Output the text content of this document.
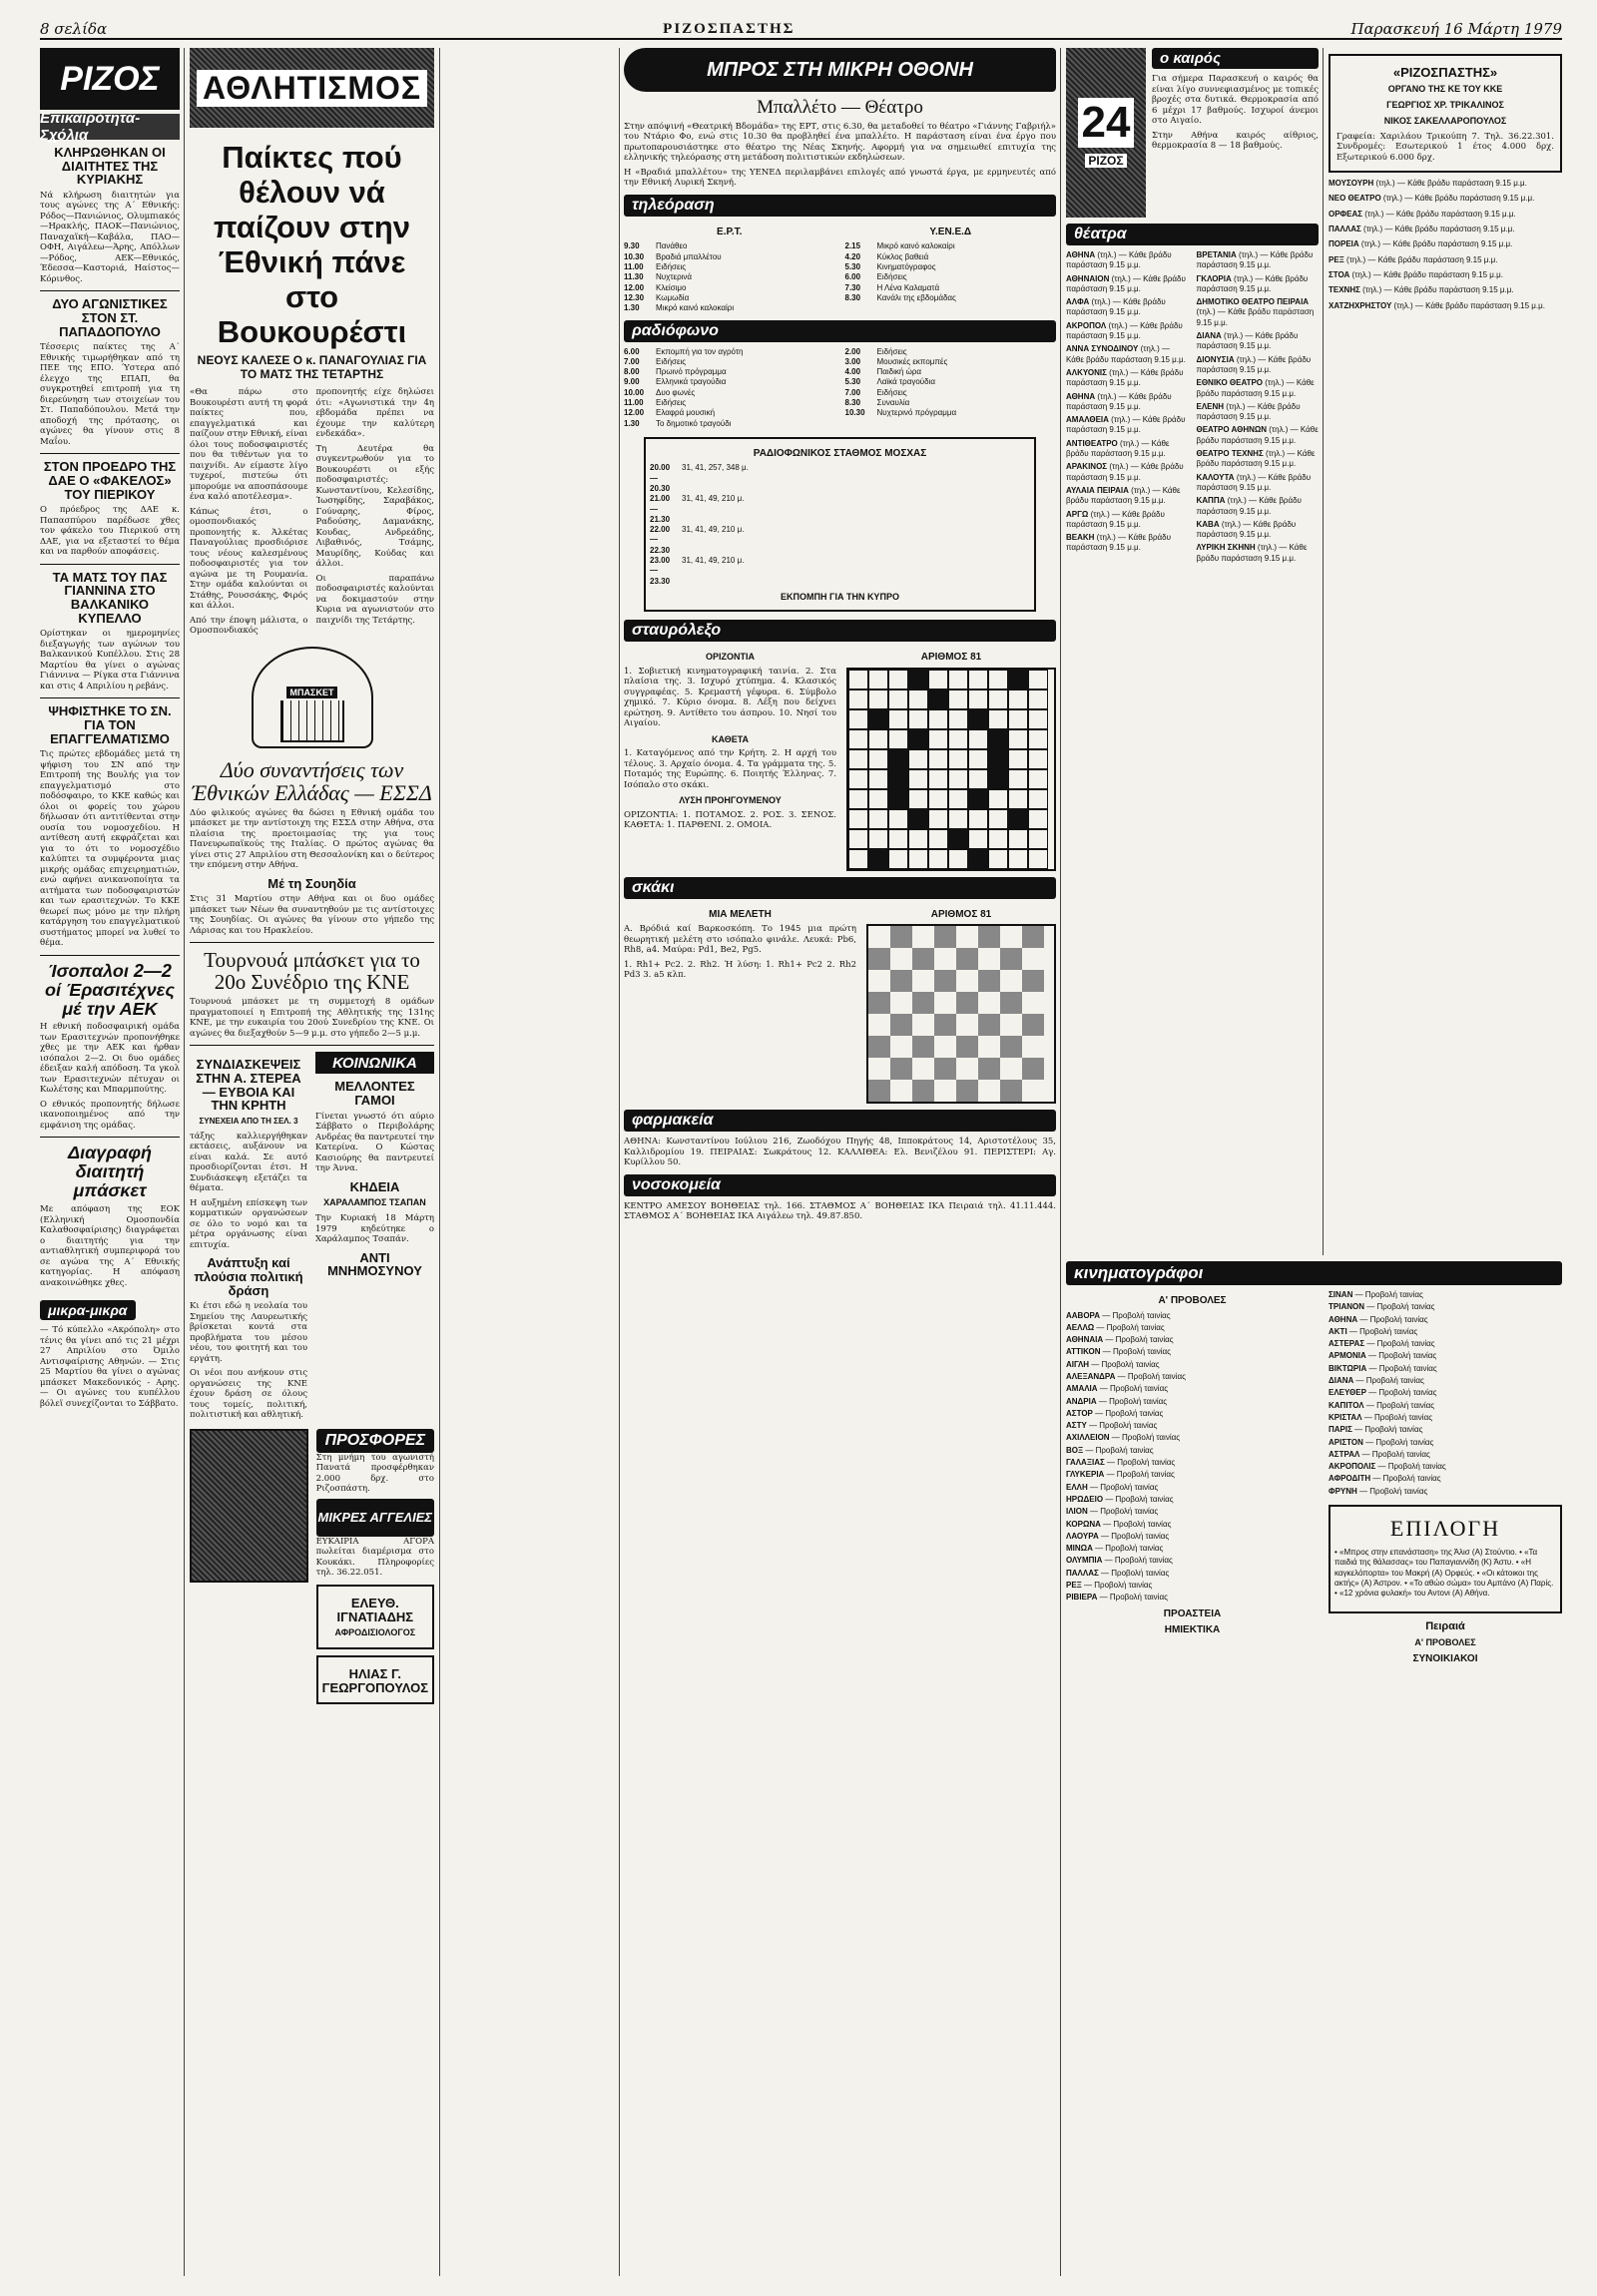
8 σελίδα	ΡΙΖΟΣΠΑΣΤΗΣ	Παρασκευή 16 Μάρτη 1979
ΡΙΖΟΣ
Επικαιρότητα-Σχόλια
ΚΛΗΡΩΘΗΚΑΝ ΟΙ ΔΙΑΙΤΗΤΕΣ ΤΗΣ ΚΥΡΙΑΚΗΣ

Νά κλήρωση διαιτητών για τους αγώνες της Α΄ Εθνικής: Ρόδος—Πανιώνιος, Ολυμπιακός—Ηρακλής, ΠΑΟΚ—Πανιώνιος, Παναχαϊκή—Καβάλα, ΠΑΟ—ΟΦΗ, Αιγάλεω—Άρης, Απόλλων—Ρόδος, ΑΕΚ—Εθνικός, Έδεσσα—Καστοριά, Ηαίστος—Κόρινθος.

ΔΥΟ ΑΓΩΝΙΣΤΙΚΕΣ ΣΤΟΝ ΣΤ. ΠΑΠΑΔΟΠΟΥΛΟ

Τέσσερις παίκτες της Α΄ Εθνικής τιμωρήθηκαν από τη ΠΕΕ της ΕΠΟ. Ύστερα από έλεγχο της ΕΠΑΠ, θα συγκροτηθεί επιτροπή για τη διερεύνηση των στοιχείων του Στ. Παπαδόπουλου. Μετά την αποδοχή της πρότασης, οι αγώνες θα γίνουν στις 8 Μαΐου.

ΣΤΟΝ ΠΡΟΕΔΡΟ ΤΗΣ ΔΑΕ Ο «ΦΑΚΕΛΟΣ» ΤΟΥ ΠΙΕΡΙΚΟΥ

Ο πρόεδρος της ΔΑΕ κ. Παπασπύρου παρέδωσε χθες τον φάκελο του Πιερικού στη ΔΑΕ, για να εξεταστεί το θέμα και να παρθούν αποφάσεις.

ΤΑ ΜΑΤΣ ΤΟΥ ΠΑΣ ΓΙΑΝΝΙΝΑ ΣΤΟ ΒΑΛΚΑΝΙΚΟ ΚΥΠΕΛΛΟ

Ορίστηκαν οι ημερομηνίες διεξαγωγής των αγώνων του Βαλκανικού Κυπέλλου. Στις 28 Μαρτίου θα γίνει ο αγώνας Γιάννινα — Ρίγκα στα Γιάννινα και στις 4 Απριλίου η ρεβάνς.

ΨΗΦΙΣΤΗΚΕ ΤΟ ΣΝ. ΓΙΑ ΤΟΝ ΕΠΑΓΓΕΛΜΑΤΙΣΜΟ

Τις πρώτες εβδομάδες μετά τη ψήφιση του ΣΝ από την Επιτροπή της Βουλής για τον επαγγελματισμό στο ποδόσφαιρο, το ΚΚΕ καθώς και όλοι οι φορείς του χώρου δήλωσαν ότι αντιτίθενται στην ουσία του νομοσχεδίου. Η αντίθεση αυτή εκφράζεται και για το ότι το νομοσχέδιο καλύπτει τα συμφέροντα μιας μικρής ομάδας επιχειρηματιών, ενώ αφήνει ανικανοποίητα τα αιτήματα των ποδοσφαιριστών και των ερασιτεχνών. Το ΚΚΕ θεωρεί πως μόνο με την πλήρη κατάργηση του επαγγελματικού συστήματος μπορεί να λυθεί το θέμα.

Ίσοπαλοι 2—2 οί Έρασιτέχνες μέ την ΑΕΚ

Η εθνική ποδοσφαιρική ομάδα των Ερασιτεχνών προπονήθηκε χθες με την ΑΕΚ και ήρθαν ισόπαλοι 2—2. Οι δυο ομάδες έδειξαν καλή απόδοση. Τα γκολ των Ερασιτεχνών πέτυχαν οι Κωλέτσης και Μπαρμπούτης.

Ο εθνικός προπονητής δήλωσε ικανοποιημένος από την εμφάνιση της ομάδας.

Διαγραφή διαιτητή μπάσκετ

Με απόφαση της ΕΟΚ (Ελληνική Ομοσπονδία Καλαθοσφαίρισης) διαγράφεται ο διαιτητής για την αντιαθλητική συμπεριφορά του σε αγώνα της Α΄ Εθνικής κατηγορίας. Η απόφαση ανακοινώθηκε χθες.

μικρα-μικρα

— Τό κύπελλο «Ακρόπολη» στο τένις θα γίνει από τις 21 μέχρι 27 Απριλίου στο Όμιλο Αντισφαίρισης Αθηνών. — Στις 25 Μαρτίου θα γίνει ο αγώνας μπάσκετ Μακεδονικός - Αρης. — Οι αγώνες του κυπέλλου βόλεϊ συνεχίζονται το Σάββατο.

ΑΘΛΗΤΙΣΜΟΣ
Παίκτες πού θέλουν νά παίζουν στην Έθνική πάνε στο Βουκουρέστι
ΝΕΟΥΣ ΚΑΛΕΣΕ Ο κ. ΠΑΝΑΓΟΥΛΙΑΣ ΓΙΑ ΤΟ ΜΑΤΣ ΤΗΣ ΤΕΤΑΡΤΗΣ

«Θα πάρω στο Βουκουρέστι αυτή τη φορά παίκτες που, επαγγελματικά και παίζουν στην Εθνική, είναι όλοι τους ποδοσφαιριστές που θα τιθέντων για το παιχνίδι. Αν είμαστε λίγο τυχεροί, πιστεύω ότι μπορούμε να αποσπάσουμε ένα καλό αποτέλεσμα».

Κάπως έτσι, ο ομοσπονδιακός προπονητής κ. Άλκέτας Παναγούλιας προσδιόρισε τους νέους καλεσμένους ποδοσφαιριστές για τον αγώνα με τη Ρουμανία. Στην ομάδα καλούνται οι Στάθης, Ρουσσάκης, Φιρός και άλλοι.

Από την έποψη μάλιστα, ο Ομοσπονδιακός προπονητής είχε δηλώσει ότι: «Αγωνιστικά την 4η εβδομάδα πρέπει να έχουμε την καλύτερη ενδεκάδα».

Τη Δευτέρα θα συγκεντρωθούν για το Βουκουρέστι οι εξής ποδοσφαιριστές: Κωνσταντίνου, Κελεσίδης, Ίωσηφίδης, Σαραβάκος, Γούναρης, Φίρος, Ραδούσης, Δαμανάκης, Κουδας, Ανδρεάδης, Λιβαθινός, Τσάμης, Μαυρίδης, Κούδας και άλλοι.

Οι παραπάνω ποδοσφαιριστές καλούνται να δοκιμαστούν στην Κυρια να αγωνιστούν στο παιχνίδι της Τετάρτης.

ΜΠΑΣΚΕΤ
Δύο συναντήσεις των Έθνικών Ελλάδας — ΕΣΣΔ

Δύο φιλικούς αγώνες θα δώσει η Εθνική ομάδα του μπάσκετ με την αντίστοιχη της ΕΣΣΔ στην Αθήνα, στα πλαίσια της προετοιμασίας της για τους Πανευρωπαϊκούς της Ιταλίας. Ο πρώτος αγώνας θα γίνει στις 27 Απριλίου στη Θεσσαλονίκη και ο δεύτερος την επόμενη στην Αθήνα.

Μέ τη Σουηδία

Στις 31 Μαρτίου στην Αθήνα και οι δυο ομάδες μπάσκετ των Νέων θα συναντηθούν με τις αντίστοιχες της Σουηδίας. Οι αγώνες θα γίνουν στο γήπεδο της Λάρισας και του Ηρακλείου.

Τουρνουά μπάσκετ για το 20ο Συνέδριο της ΚΝΕ

Τουρνουά μπάσκετ με τη συμμετοχή 8 ομάδων πραγματοποιεί η Επιτροπή της Αθλητικής της 131ης ΚΝΕ, με την ευκαιρία του 20ού Συνεδρίου της ΚΝΕ. Οι αγώνες θα διεξαχθούν 5—9 μ.μ. στο γήπεδο 2—5 μ.μ.

ΣΥΝΔΙΑΣΚΕΨΕΙΣ ΣΤΗΝ Α. ΣΤΕΡΕΑ — ΕΥΒΟΙΑ ΚΑΙ ΤΗΝ ΚΡΗΤΗ
ΣΥΝΕΧΕΙΑ ΑΠΟ ΤΗ ΣΕΛ. 3

τάξης καλλιεργήθηκαν εκτάσεις, αυξάνουν να είναι καλά. Σε αυτό προσδιορίζονται έτσι. Η Συνδιάσκεψη εξετάζει τα θέματα.

Η αυξημένη επίσκεψη των κομματικών οργανώσεων σε όλο το νομό και τα μέτρα οργάνωσης είναι επιτυχία.

Ανάπτυξη καί πλούσια πολιτική δράση

Κι έτσι εδώ η νεολαία του Σημείου της Λαυρεωτικής βρίσκεται κοντά στα προβλήματα του μέσου νέου, του φοιτητή και του εργάτη.

Οι νέοι που ανήκουν στις οργανώσεις της ΚΝΕ έχουν δράση σε όλους τους τομείς, πολιτική, πολιτιστική και αθλητική.

ΚΟΙΝΩΝΙΚΑ
ΜΕΛΛΟΝΤΕΣ ΓΑΜΟΙ

Γίνεται γνωστό ότι αύριο Σάββατο ο Περιβολάρης Ανδρέας θα παντρευτεί την Κατερίνα. Ο Κώστας Κασιούρης θα παντρευτεί την Άννα.

ΚΗΔΕΙΑ
ΧΑΡΑΛΑΜΠΟΣ ΤΣΑΠΑΝ

Την Κυριακή 18 Μάρτη 1979 κηδεύτηκε ο Χαράλαμπος Τσαπάν.

ΑΝΤΙ ΜΝΗΜΟΣΥΝΟΥ
ΠΡΟΣΦΟΡΕΣ

Στη μνήμη του αγωνιστή Πανατά προσφέρθηκαν 2.000 δρχ. στο Ριζοσπάστη.

ΜΙΚΡΕΣ ΑΓΓΕΛΙΕΣ

ΕΥΚΑΙΡΙΑ ΑΓΟΡΑ πωλείται διαμέρισμα στο Κουκάκι. Πληροφορίες τηλ. 36.22.051.

ΕΛΕΥΘ. ΙΓΝΑΤΙΑΔΗΣ
ΑΦΡΟΔΙΣΙΟΛΟΓΟΣ
ΗΛΙΑΣ Γ. ΓΕΩΡΓΟΠΟΥΛΟΣ
ΜΠΡΟΣ ΣΤΗ ΜΙΚΡΗ ΟΘΟΝΗ
Μπαλλέτο — Θέατρο

Στην απόψινή «Θεατρική Βδομάδα» της ΕΡΤ, στις 6.30, θα μεταδοθεί το θέατρο «Γιάννης Γαβριήλ» του Ντάριο Φο, ενώ στις 10.30 θα προβληθεί ένα μπαλλέτο. Η παράσταση είναι ένα έργο που πρωτοπαρουσιάστηκε στο θέατρο της Νέας Σκηνής. Αφορμή για να σημειωθεί επιτυχία της ελληνικής τηλεόρασης στη μετάδοση πολιτιστικών εκδηλώσεων.

Η «Βραδιά μπαλλέτου» της ΥΕΝΕΔ περιλαμβάνει επιλογές από γνωστά έργα, με ερμηνευτές από την Εθνική Λυρική Σκηνή.

τηλεόραση
Ε.Ρ.Τ.
9.30	Πανάθεο
10.30	Βραδιά μπαλλέτου
11.00	Ειδήσεις
11.30	Νυχτερινά
12.00	Κλείσιμο
12.30	Κωμωδία
1.30	Μικρό καινό καλοκαίρι
Υ.ΕΝ.Ε.Δ
2.15	Μικρό καινό καλοκαίρι
4.20	Κύκλος βαθειά
5.30	Κινηματόγραφος
6.00	Ειδήσεις
7.30	Η Λένα Καλαματά
8.30	Κανάλι της εβδομάδας
ραδιόφωνο
6.00	Εκπομπή για τον αγρότη
7.00	Ειδήσεις
8.00	Πρωινό πρόγραμμα
9.00	Ελληνικά τραγούδια
10.00	Δυο φωνές
11.00	Ειδήσεις
12.00	Ελαφρά μουσική
1.30	Το δημοτικό τραγούδι
2.00	Ειδήσεις
3.00	Μουσικές εκπομπές
4.00	Παιδική ώρα
5.30	Λαϊκά τραγούδια
7.00	Ειδήσεις
8.30	Συναυλία
10.30	Νυχτερινό πρόγραμμα
ΡΑΔΙΟΦΩΝΙΚΟΣ ΣΤΑΘΜΟΣ ΜΟΣΧΑΣ
20.00 — 20.30
31, 41, 257, 348 μ.
21.00 — 21.30
31, 41, 49, 210 μ.
22.00 — 22.30
31, 41, 49, 210 μ.
23.00 — 23.30
31, 41, 49, 210 μ.
ΕΚΠΟΜΠΗ ΓΙΑ ΤΗΝ ΚΥΠΡΟ
σταυρόλεξο
ΟΡΙΖΟΝΤΙΑ

1. Σοβιετική κινηματογραφική ταινία. 2. Στα πλαίσια της. 3. Ισχυρό χτύπημα. 4. Κλασικός συγγραφέας. 5. Κρεμαστή γέφυρα. 6. Σύμβολο χημικό. 7. Κύριο όνομα. 8. Λέξη που δείχνει ερώτηση. 9. Αντίθετο του άσπρου. 10. Νησί του Αιγαίου.

ΚΑΘΕΤΑ

1. Καταγόμενος από την Κρήτη. 2. Η αρχή του τέλους. 3. Αρχαίο όνομα. 4. Τα γράμματα της. 5. Ποταμός της Ευρώπης. 6. Ποιητής Έλληνας. 7. Ισόπαλο στο σκάκι.

ΛΥΣΗ ΠΡΟΗΓΟΥΜΕΝΟΥ

ΟΡΙΖΟΝΤΙΑ: 1. ΠΟΤΑΜΟΣ. 2. ΡΟΣ. 3. ΣΕΝΟΣ. ΚΑΘΕΤΑ: 1. ΠΑΡΘΕΝΙ. 2. ΟΜΟΙΑ.

ΑΡΙΘΜΟΣ 81
σκάκι
ΜΙΑ ΜΕΛΕΤΗ

Α. Βρόδιά καί Βαρκοσκόπη. Το 1945 μια πρώτη θεωρητική μελέτη στο ισόπαλο φινάλε. Λευκά: Ρb6, Rh8, a4. Μαύρα: Ρd1, Βe2, Ρg5.

1. Rh1+ Pc2. 2. Rh2. Ή λύση: 1. Rh1+ Pc2 2. Rh2 Pd3 3. a5 κλπ.

ΑΡΙΘΜΟΣ 81
φαρμακεία

ΑΘΗΝΑ: Κωνσταντίνου Ιούλιου 216, Ζωοδόχου Πηγής 48, Ιπποκράτους 14, Αριστοτέλους 35, Καλλιδρομίου 19. ΠΕΙΡΑΙΑΣ: Σωκράτους 12. ΚΑΛΛΙΘΕΑ: Ελ. Βενιζέλου 91. ΠΕΡΙΣΤΕΡΙ: Αγ. Κυρίλλου 50.

νοσοκομεία

ΚΕΝΤΡΟ ΑΜΕΣΟΥ ΒΟΗΘΕΙΑΣ τηλ. 166. ΣΤΑΘΜΟΣ Α΄ ΒΟΗΘΕΙΑΣ ΙΚΑ Πειραιά τηλ. 41.11.444. ΣΤΑΘΜΟΣ Α΄ ΒΟΗΘΕΙΑΣ ΙΚΑ Αιγάλεω τηλ. 49.87.850.

24
ΡΙΖΟΣ
ο καιρός

Για σήμερα Παρασκευή ο καιρός θα είναι λίγο συννεφιασμένος με τοπικές βροχές στα δυτικά. Θερμοκρασία από 6 μέχρι 17 βαθμούς. Ισχυροί άνεμοι στο Αιγαίο.

Στην Αθήνα καιρός αίθριος, θερμοκρασία 8 — 18 βαθμούς.

θέατρα
ΑΘΗΝΑ (τηλ.) — Κάθε βράδυ παράσταση 9.15 μ.μ.
ΑΘΗΝΑΙΟΝ (τηλ.) — Κάθε βράδυ παράσταση 9.15 μ.μ.
ΑΛΦΑ (τηλ.) — Κάθε βράδυ παράσταση 9.15 μ.μ.
ΑΚΡΟΠΟΛ (τηλ.) — Κάθε βράδυ παράσταση 9.15 μ.μ.
ΑΝΝΑ ΣΥΝΟΔΙΝΟΥ (τηλ.) — Κάθε βράδυ παράσταση 9.15 μ.μ.
ΑΛΚΥΟΝΙΣ (τηλ.) — Κάθε βράδυ παράσταση 9.15 μ.μ.
ΑΘΗΝΑ (τηλ.) — Κάθε βράδυ παράσταση 9.15 μ.μ.
ΑΜΑΛΘΕΙΑ (τηλ.) — Κάθε βράδυ παράσταση 9.15 μ.μ.
ΑΝΤΙΘΕΑΤΡΟ (τηλ.) — Κάθε βράδυ παράσταση 9.15 μ.μ.
ΑΡΑΚΙΝΟΣ (τηλ.) — Κάθε βράδυ παράσταση 9.15 μ.μ.
ΑΥΛΑΙΑ ΠΕΙΡΑΙΑ (τηλ.) — Κάθε βράδυ παράσταση 9.15 μ.μ.
ΑΡΓΩ (τηλ.) — Κάθε βράδυ παράσταση 9.15 μ.μ.
ΒΕΑΚΗ (τηλ.) — Κάθε βράδυ παράσταση 9.15 μ.μ.
ΒΡΕΤΑΝΙΑ (τηλ.) — Κάθε βράδυ παράσταση 9.15 μ.μ.
ΓΚΛΟΡΙΑ (τηλ.) — Κάθε βράδυ παράσταση 9.15 μ.μ.
ΔΗΜΟΤΙΚΟ ΘΕΑΤΡΟ ΠΕΙΡΑΙΑ (τηλ.) — Κάθε βράδυ παράσταση 9.15 μ.μ.
ΔΙΑΝΑ (τηλ.) — Κάθε βράδυ παράσταση 9.15 μ.μ.
ΔΙΟΝΥΣΙΑ (τηλ.) — Κάθε βράδυ παράσταση 9.15 μ.μ.
ΕΘΝΙΚΟ ΘΕΑΤΡΟ (τηλ.) — Κάθε βράδυ παράσταση 9.15 μ.μ.
ΕΛΕΝΗ (τηλ.) — Κάθε βράδυ παράσταση 9.15 μ.μ.
ΘΕΑΤΡΟ ΑΘΗΝΩΝ (τηλ.) — Κάθε βράδυ παράσταση 9.15 μ.μ.
ΘΕΑΤΡΟ ΤΕΧΝΗΣ (τηλ.) — Κάθε βράδυ παράσταση 9.15 μ.μ.
ΚΑΛΟΥΤΑ (τηλ.) — Κάθε βράδυ παράσταση 9.15 μ.μ.
ΚΑΠΠΑ (τηλ.) — Κάθε βράδυ παράσταση 9.15 μ.μ.
ΚΑΒΑ (τηλ.) — Κάθε βράδυ παράσταση 9.15 μ.μ.
ΛΥΡΙΚΗ ΣΚΗΝΗ (τηλ.) — Κάθε βράδυ παράσταση 9.15 μ.μ.
«ΡΙΖΟΣΠΑΣΤΗΣ»
ΟΡΓΑΝΟ ΤΗΣ ΚΕ ΤΟΥ ΚΚΕ
ΓΕΩΡΓΙΟΣ ΧΡ. ΤΡΙΚΑΛΙΝΟΣ
ΝΙΚΟΣ ΣΑΚΕΛΛΑΡΟΠΟΥΛΟΣ

Γραφεία: Χαριλάου Τρικούπη 7. Τηλ. 36.22.301. Συνδρομές: Εσωτερικού 1 έτος 4.000 δρχ. Εξωτερικού 6.000 δρχ.

ΜΟΥΣΟΥΡΗ (τηλ.) — Κάθε βράδυ παράσταση 9.15 μ.μ.
ΝΕΟ ΘΕΑΤΡΟ (τηλ.) — Κάθε βράδυ παράσταση 9.15 μ.μ.
ΟΡΦΕΑΣ (τηλ.) — Κάθε βράδυ παράσταση 9.15 μ.μ.
ΠΑΛΛΑΣ (τηλ.) — Κάθε βράδυ παράσταση 9.15 μ.μ.
ΠΟΡΕΙΑ (τηλ.) — Κάθε βράδυ παράσταση 9.15 μ.μ.
ΡΕΞ (τηλ.) — Κάθε βράδυ παράσταση 9.15 μ.μ.
ΣΤΟΑ (τηλ.) — Κάθε βράδυ παράσταση 9.15 μ.μ.
ΤΕΧΝΗΣ (τηλ.) — Κάθε βράδυ παράσταση 9.15 μ.μ.
ΧΑΤΖΗΧΡΗΣΤΟΥ (τηλ.) — Κάθε βράδυ παράσταση 9.15 μ.μ.
κινηματογράφοι
Α' ΠΡΟΒΟΛΕΣ
ΑΑΒΟΡΑ — Προβολή ταινίας
ΑΕΛΛΩ — Προβολή ταινίας
ΑΘΗΝΑΙΑ — Προβολή ταινίας
ΑΤΤΙΚΟΝ — Προβολή ταινίας
ΑΙΓΛΗ — Προβολή ταινίας
ΑΛΕΞΑΝΔΡΑ — Προβολή ταινίας
ΑΜΑΛΙΑ — Προβολή ταινίας
ΑΝΔΡΙΑ — Προβολή ταινίας
ΑΣΤΟΡ — Προβολή ταινίας
ΑΣΤΥ — Προβολή ταινίας
ΑΧΙΛΛΕΙΟΝ — Προβολή ταινίας
ΒΟΞ — Προβολή ταινίας
ΓΑΛΑΞΙΑΣ — Προβολή ταινίας
ΓΛΥΚΕΡΙΑ — Προβολή ταινίας
ΕΛΛΗ — Προβολή ταινίας
ΗΡΩΔΕΙΟ — Προβολή ταινίας
ΙΛΙΟΝ — Προβολή ταινίας
ΚΟΡΩΝΑ — Προβολή ταινίας
ΛΑΟΥΡΑ — Προβολή ταινίας
ΜΙΝΩΑ — Προβολή ταινίας
ΟΛΥΜΠΙΑ — Προβολή ταινίας
ΠΑΛΛΑΣ — Προβολή ταινίας
ΡΕΞ — Προβολή ταινίας
ΡΙΒΙΕΡΑ — Προβολή ταινίας
ΠΡΟΑΣΤΕΙΑ
ΗΜΙΕΚΤΙΚΑ
ΣΙΝΑΝ — Προβολή ταινίας
ΤΡΙΑΝΟΝ — Προβολή ταινίας
ΑΘΗΝΑ — Προβολή ταινίας
ΑΚΤΙ — Προβολή ταινίας
ΑΣΤΕΡΑΣ — Προβολή ταινίας
ΑΡΜΟΝΙΑ — Προβολή ταινίας
ΒΙΚΤΩΡΙΑ — Προβολή ταινίας
ΔΙΑΝΑ — Προβολή ταινίας
ΕΛΕΥΘΕΡ — Προβολή ταινίας
ΚΑΠΙΤΟΛ — Προβολή ταινίας
ΚΡΙΣΤΑΛ — Προβολή ταινίας
ΠΑΡΙΣ — Προβολή ταινίας
ΑΡΙΣΤΟΝ — Προβολή ταινίας
ΑΣΤΡΑΛ — Προβολή ταινίας
ΑΚΡΟΠΟΛΙΣ — Προβολή ταινίας
ΑΦΡΟΔΙΤΗ — Προβολή ταινίας
ΦΡΥΝΗ — Προβολή ταινίας
ΕΠΙΛΟΓΗ

• «Μπρος στην επανάσταση» της Άλισ (Α) Στούντιο. • «Τα παιδιά της θάλασσας» του Παπαγιαννίδη (Κ) Άστυ. • «Η καγκελόπορτα» του Μακρή (Α) Ορφεύς. • «Οι κάτοικοι της ακτής» (Α) Άστρον. • «Το αθώο σώμα» του Αμπάνο (Α) Παρίς. • «12 χρόνια φυλακή» του Αντονι (Α) Αθήνα.

Πειραιά
Α' ΠΡΟΒΟΛΕΣ
ΣΥΝΟΙΚΙΑΚΟΙ
